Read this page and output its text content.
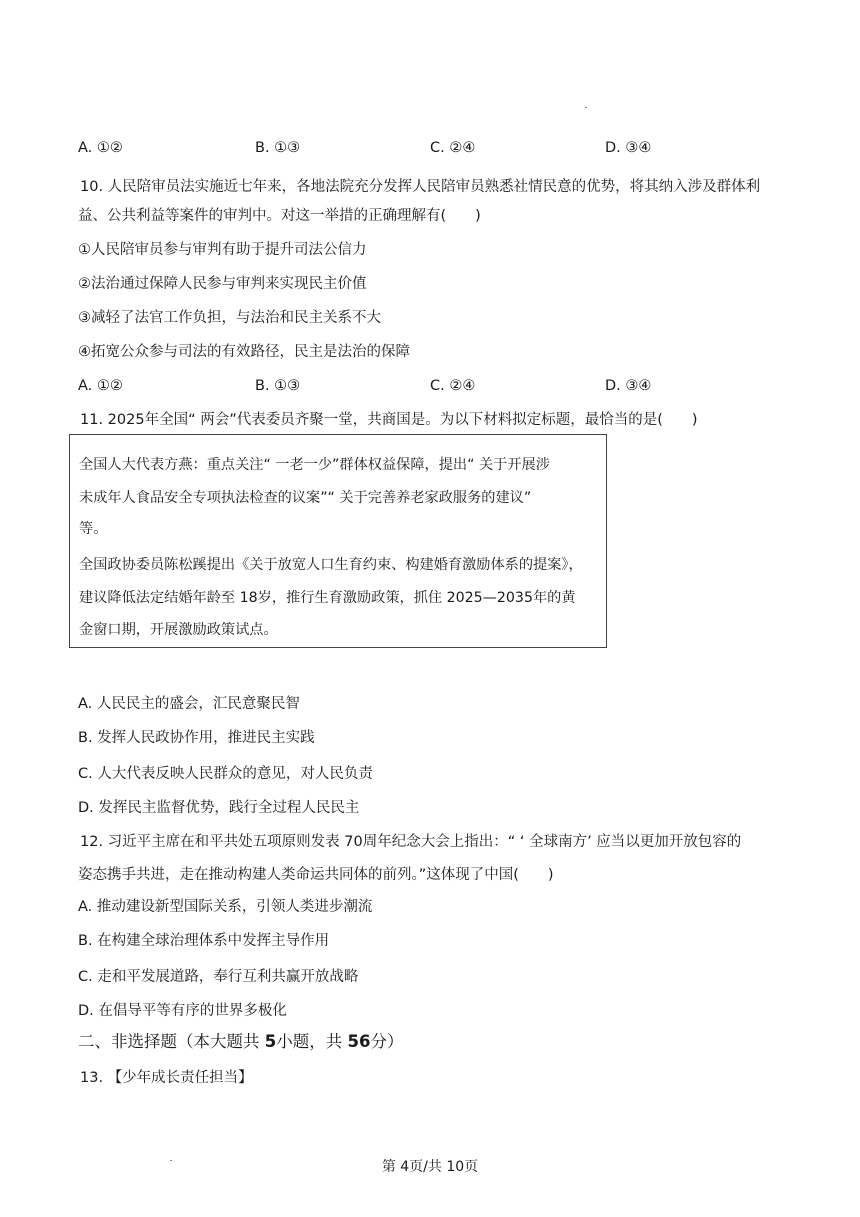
A. ①②	B. ①③	C. ②④	D. ③④
10. 人民陪审员法实施近七年来，各地法院充分发挥人民陪审员熟悉社情民意的优势，将其纳入涉及群体利
益、公共利益等案件的审判中。对这一举措的正确理解有(　　)
①人民陪审员参与审判有助于提升司法公信力
②法治通过保障人民参与审判来实现民主价值
③减轻了法官工作负担，与法治和民主关系不大
④拓宽公众参与司法的有效路径，民主是法治的保障
A. ①②	B. ①③	C. ②④	D. ③④
11. 2025年全国“ 两会”代表委员齐聚一堂，共商国是。为以下材料拟定标题，最恰当的是(　　)
全国人大代表方燕：重点关注“ 一老一少”群体权益保障，提出“ 关于开展涉
未成年人食品安全专项执法检查的议案”“ 关于完善养老家政服务的建议”
等。
全国政协委员陈松蹊提出《关于放宽人口生育约束、构建婚育激励体系的提案》，
建议降低法定结婚年龄至 18岁，推行生育激励政策，抓住 2025—2035年的黄
金窗口期，开展激励政策试点。
A. 人民民主的盛会，汇民意聚民智
B. 发挥人民政协作用，推进民主实践
C. 人大代表反映人民群众的意见，对人民负责
D. 发挥民主监督优势，践行全过程人民民主
12. 习近平主席在和平共处五项原则发表 70周年纪念大会上指出：“ ‘ 全球南方’ 应当以更加开放包容的
姿态携手共进，走在推动构建人类命运共同体的前列。”这体现了中国(　　)
A. 推动建设新型国际关系，引领人类进步潮流
B. 在构建全球治理体系中发挥主导作用
C. 走和平发展道路，奉行互利共赢开放战略
D. 在倡导平等有序的世界多极化
二、非选择题（本大题共 5小题，共 56分）
13. 【少年成长责任担当】
第 4页/共 10页
